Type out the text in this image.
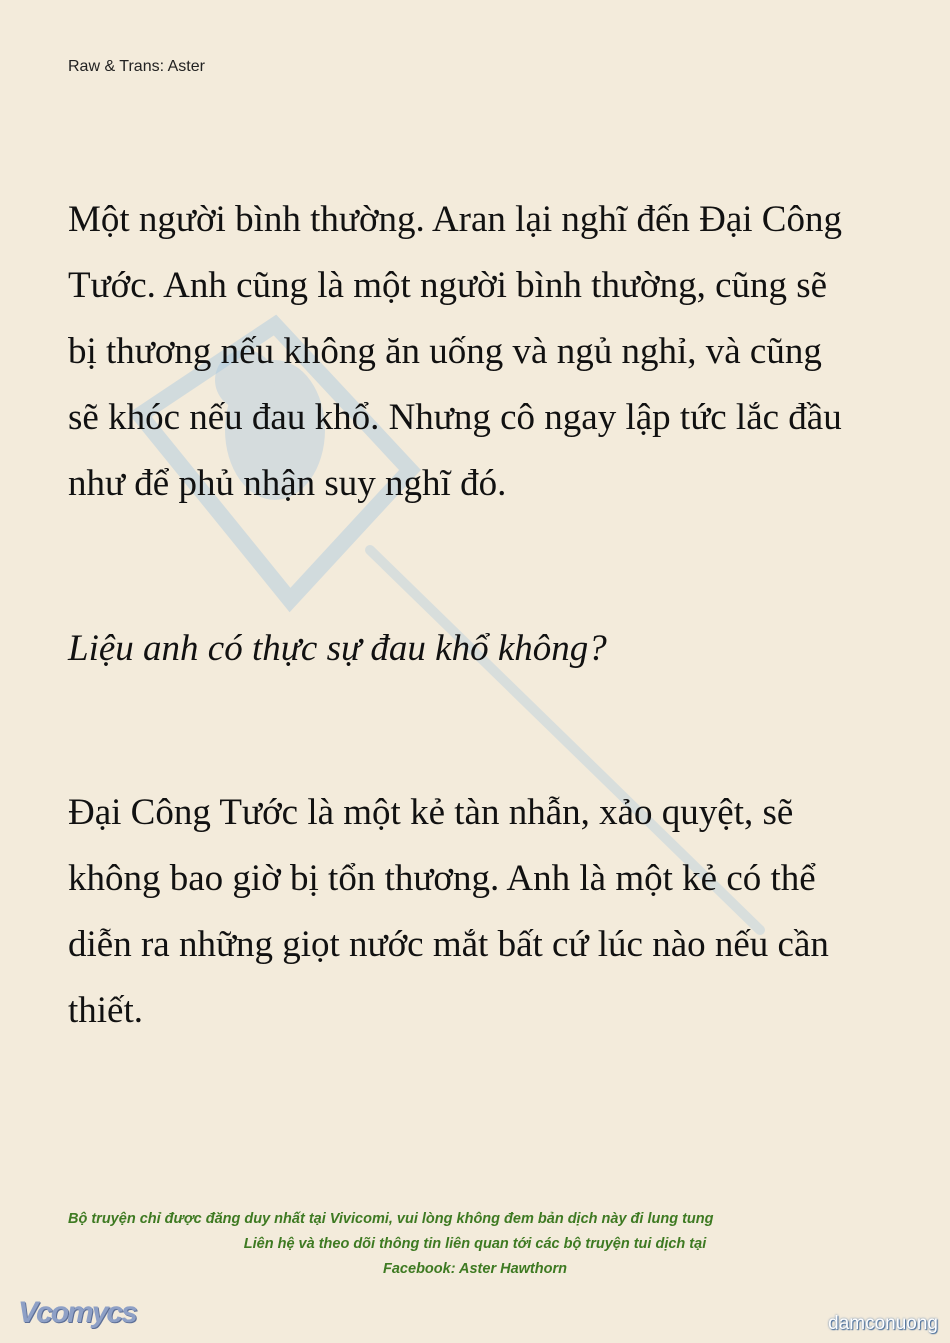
Raw & Trans: Aster
Một người bình thường. Aran lại nghĩ đến Đại Công
Tước. Anh cũng là một người bình thường, cũng sẽ
bị thương nếu không ăn uống và ngủ nghỉ, và cũng
sẽ khóc nếu đau khổ. Nhưng cô ngay lập tức lắc đầu
như để phủ nhận suy nghĩ đó.
Liệu anh có thực sự đau khổ không?
Đại Công Tước là một kẻ tàn nhẫn, xảo quyệt, sẽ
không bao giờ bị tổn thương. Anh là một kẻ có thể
diễn ra những giọt nước mắt bất cứ lúc nào nếu cần
thiết.
Bộ truyện chỉ được đăng duy nhất tại Vivicomi, vui lòng không đem bản dịch này đi lung tung
Liên hệ và theo dõi thông tin liên quan tới các bộ truyện tui dịch tại
Facebook: Aster Hawthorn
Vcomycs	damconuong
